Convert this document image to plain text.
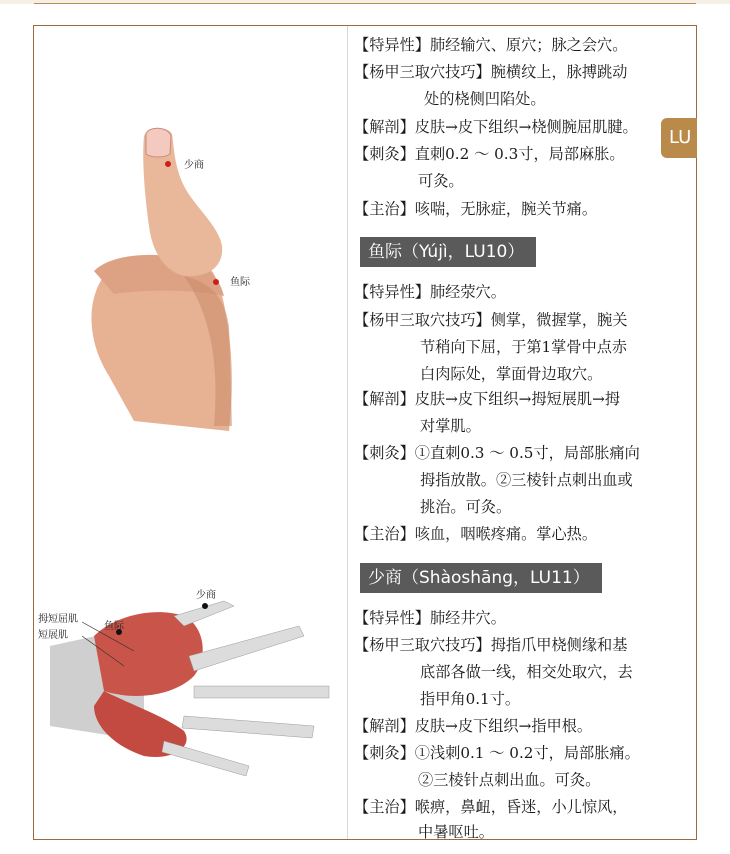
少商
鱼际
少商
鱼际
拇短屈肌
短展肌
LU
【 特异性 】 肺经输穴、原穴；脉之会穴。
【 杨甲三取穴技巧 】 腕横纹上，脉搏跳动
处的桡侧凹陷处。
【 解剖 】 皮肤→皮下组织→桡侧腕屈肌腱。
【 刺灸 】 直刺0.2 ～ 0.3寸，局部麻胀。
可灸。
【 主治 】 咳喘，无脉症，腕关节痛。
鱼际（Yújì，LU10）
【 特异性 】 肺经荥穴。
【 杨甲三取穴技巧 】 侧掌，微握掌，腕关
节稍向下屈，于第1掌骨中点赤
白肉际处，掌面骨边取穴。
【 解剖 】 皮肤→皮下组织→拇短展肌→拇
对掌肌。
【 刺灸 】 ①直刺0.3 ～ 0.5寸，局部胀痛向
拇指放散。②三棱针点刺出血或
挑治。可灸。
【 主治 】 咳血，咽喉疼痛。掌心热。
少商（Shàoshāng，LU11）
【 特异性 】 肺经井穴。
【 杨甲三取穴技巧 】 拇指爪甲桡侧缘和基
底部各做一线，相交处取穴，去
指甲角0.1寸。
【 解剖 】 皮肤→皮下组织→指甲根。
【 刺灸 】 ①浅刺0.1 ～ 0.2寸，局部胀痛。
②三棱针点刺出血。可灸。
【 主治 】 喉痹，鼻衄，昏迷，小儿惊风，
中暑呕吐。
